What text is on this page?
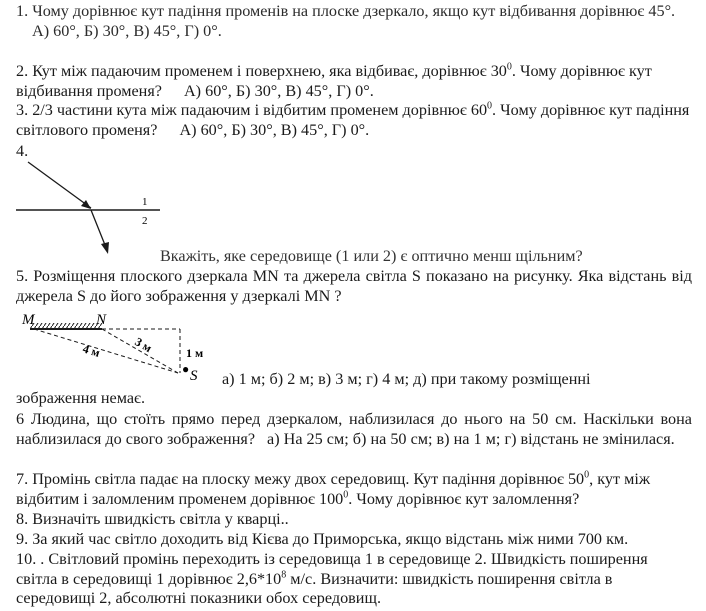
1. Чому дорівнює кут падіння променів на плоске дзеркало, якщо кут відбивання дорівнює 45°.
А) 60°, Б) 30°, В) 45°, Г) 0°.
2. Кут між падаючим променем і поверхнею, яка відбиває, дорівнює $30^0$. Чому дорівнює кут відбивання променя? А) 60°, Б) 30°, В) 45°, Г) 0°.
3. 2/3 частини кута між падаючим і відбитим променем дорівнює $60^0$. Чому дорівнює кут падіння світлового променя? А) 60°, Б) 30°, В) 45°, Г) 0°.
4.
1
2
Вкажіть, яке середовище (1 или 2) є оптично менш щільним?
5. Розміщення плоского дзеркала MN та джерела світла S показано на рисунку. Яка відстань від джерела S до його зображення у дзеркалі MN ?
M	N
● S
3 м
4 м	1 м
а) 1 м; б) 2 м; в) 3 м; г) 4 м; д) при такому розміщенні
зображення немає.
6 Людина, що стоїть прямо перед дзеркалом, наблизилася до нього на 50 см. Наскільки вона наблизилася до свого зображення? а) На 25 см; б) на 50 см; в) на 1 м; г) відстань не змінилася.
7. Промінь світла падає на плоску межу двох середовищ. Кут падіння дорівнює $50^0$, кут між відбитим і заломленим променем дорівнює $100^0$. Чому дорівнює кут заломлення?
8. Визначіть швидкість світла у кварці..
9. За який час світло доходить від Кієва до Приморська, якщо відстань між ними 700 км.
10. . Світловий промінь переходить із середовища 1 в середовище 2. Швидкість поширення світла в середовищі 1 дорівнює $2,6*10^8$ м/с. Визначити: швидкість поширення світла в середовищі 2, абсолютні показники обох середовищ.
